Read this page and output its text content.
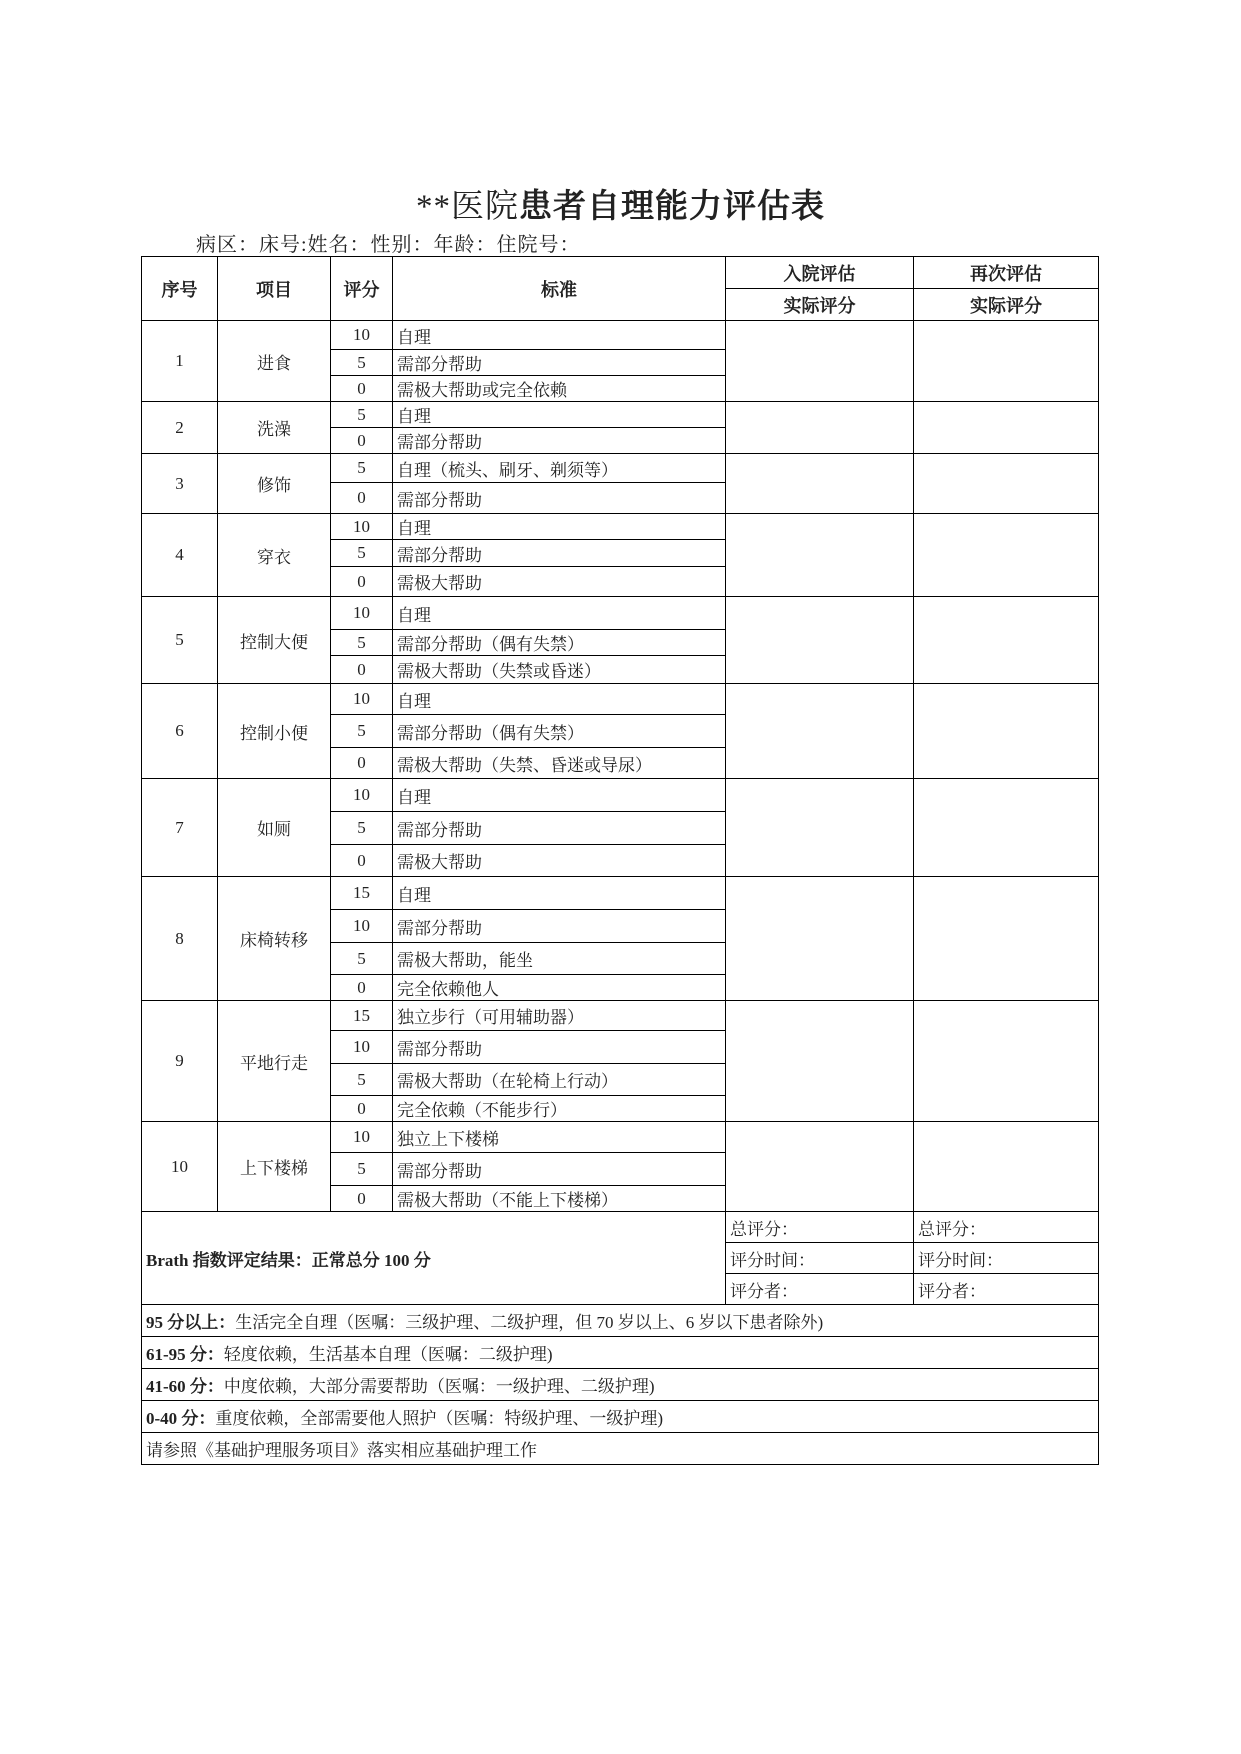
**医院患者自理能力评估表
病区：床号:姓名：性别：年龄：住院号：
序号	项目	评分	标准	入院评估	再次评估
				实际评分	实际评分
1	进食	10	自理		
		5	需部分帮助		
		0	需极大帮助或完全依赖		
2	洗澡	5	自理		
		0	需部分帮助		
3	修饰	5	自理（梳头、刷牙、剃须等）		
		0	需部分帮助		
4	穿衣	10	自理		
		5	需部分帮助		
		0	需极大帮助		
5	控制大便	10	自理		
		5	需部分帮助（偶有失禁）		
		0	需极大帮助（失禁或昏迷）		
6	控制小便	10	自理		
		5	需部分帮助（偶有失禁）		
		0	需极大帮助（失禁、昏迷或导尿）		
7	如厕	10	自理		
		5	需部分帮助		
		0	需极大帮助		
8	床椅转移	15	自理		
		10	需部分帮助		
		5	需极大帮助，能坐		
		0	完全依赖他人		
9	平地行走	15	独立步行（可用辅助器）		
		10	需部分帮助		
		5	需极大帮助（在轮椅上行动）		
		0	完全依赖（不能步行）		
10	上下楼梯	10	独立上下楼梯		
		5	需部分帮助		
		0	需极大帮助（不能上下楼梯）		
Brath 指数评定结果：正常总分 100 分				总评分：	总评分：
				评分时间：	评分时间：
				评分者：	评分者：
95 分以上：生活完全自理（医嘱：三级护理、二级护理，但 70 岁以上、6 岁以下患者除外)					
61-95 分：轻度依赖，生活基本自理（医嘱：二级护理)					
41-60 分：中度依赖，大部分需要帮助（医嘱：一级护理、二级护理)					
0-40 分：重度依赖，全部需要他人照护（医嘱：特级护理、一级护理)					
请参照《基础护理服务项目》落实相应基础护理工作					
